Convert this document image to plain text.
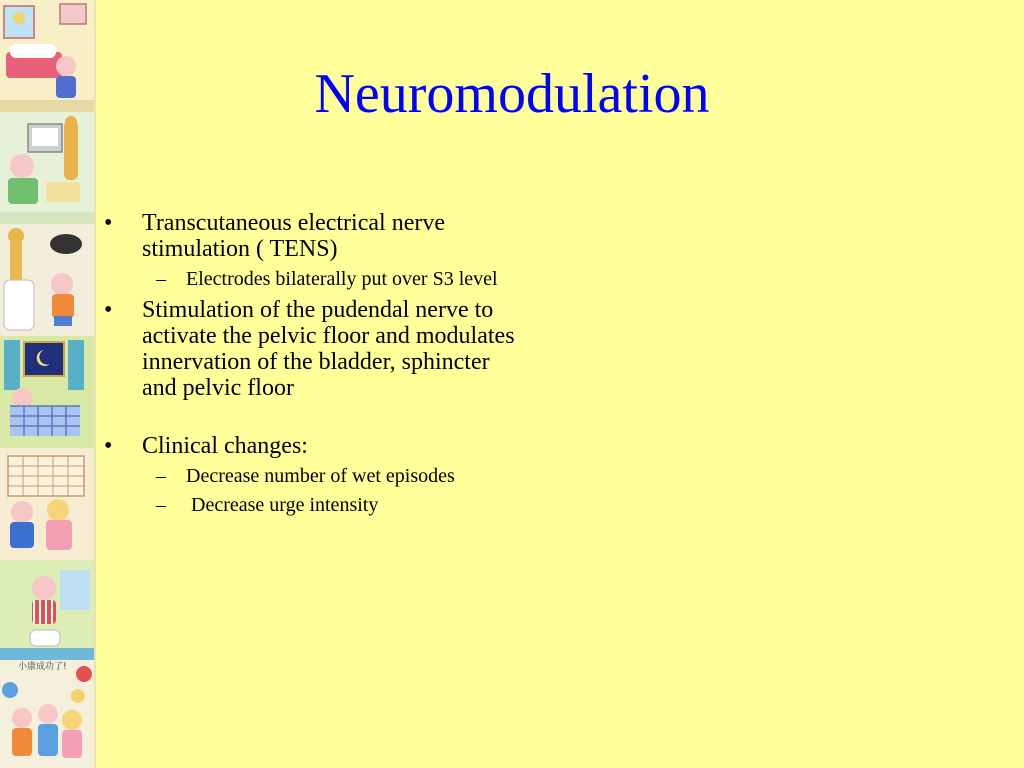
小康成功了!
Neuromodulation
• Transcutaneous electrical nerve stimulation ( TENS)
– Electrodes bilaterally put over S3 level
• Stimulation of the pudendal nerve to activate the pelvic floor and modulates innervation of the bladder, sphincter and pelvic floor
• Clinical changes:
– Decrease number of wet episodes
– Decrease urge intensity
